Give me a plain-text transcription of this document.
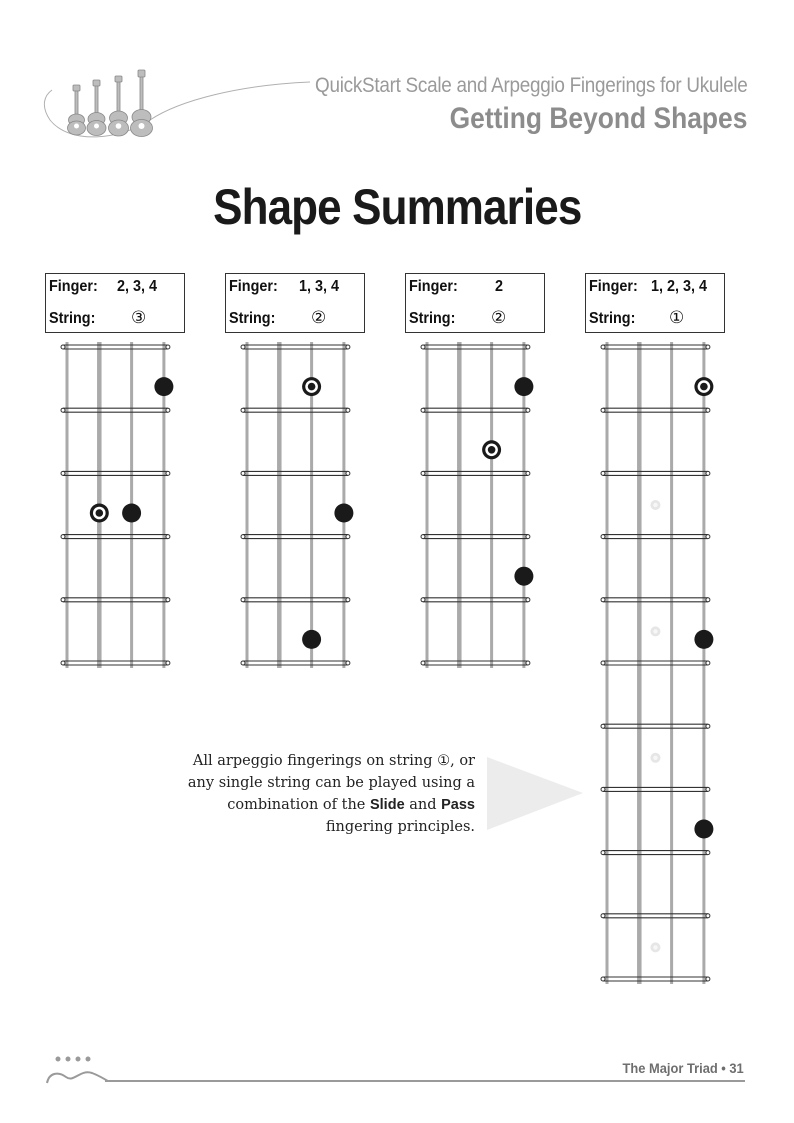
QuickStart Scale and Arpeggio Fingerings for Ukulele
Getting Beyond Shapes
Shape Summaries
Finger: 2, 3, 4
String: ③
Finger: 1, 3, 4
String: ②
Finger: 2
String: ②
Finger: 1, 2, 3, 4
String: ①
All arpeggio fingerings on string ①, or
any single string can be played using a
combination of the Slide and Pass
fingering principles.
The Major Triad • 31
